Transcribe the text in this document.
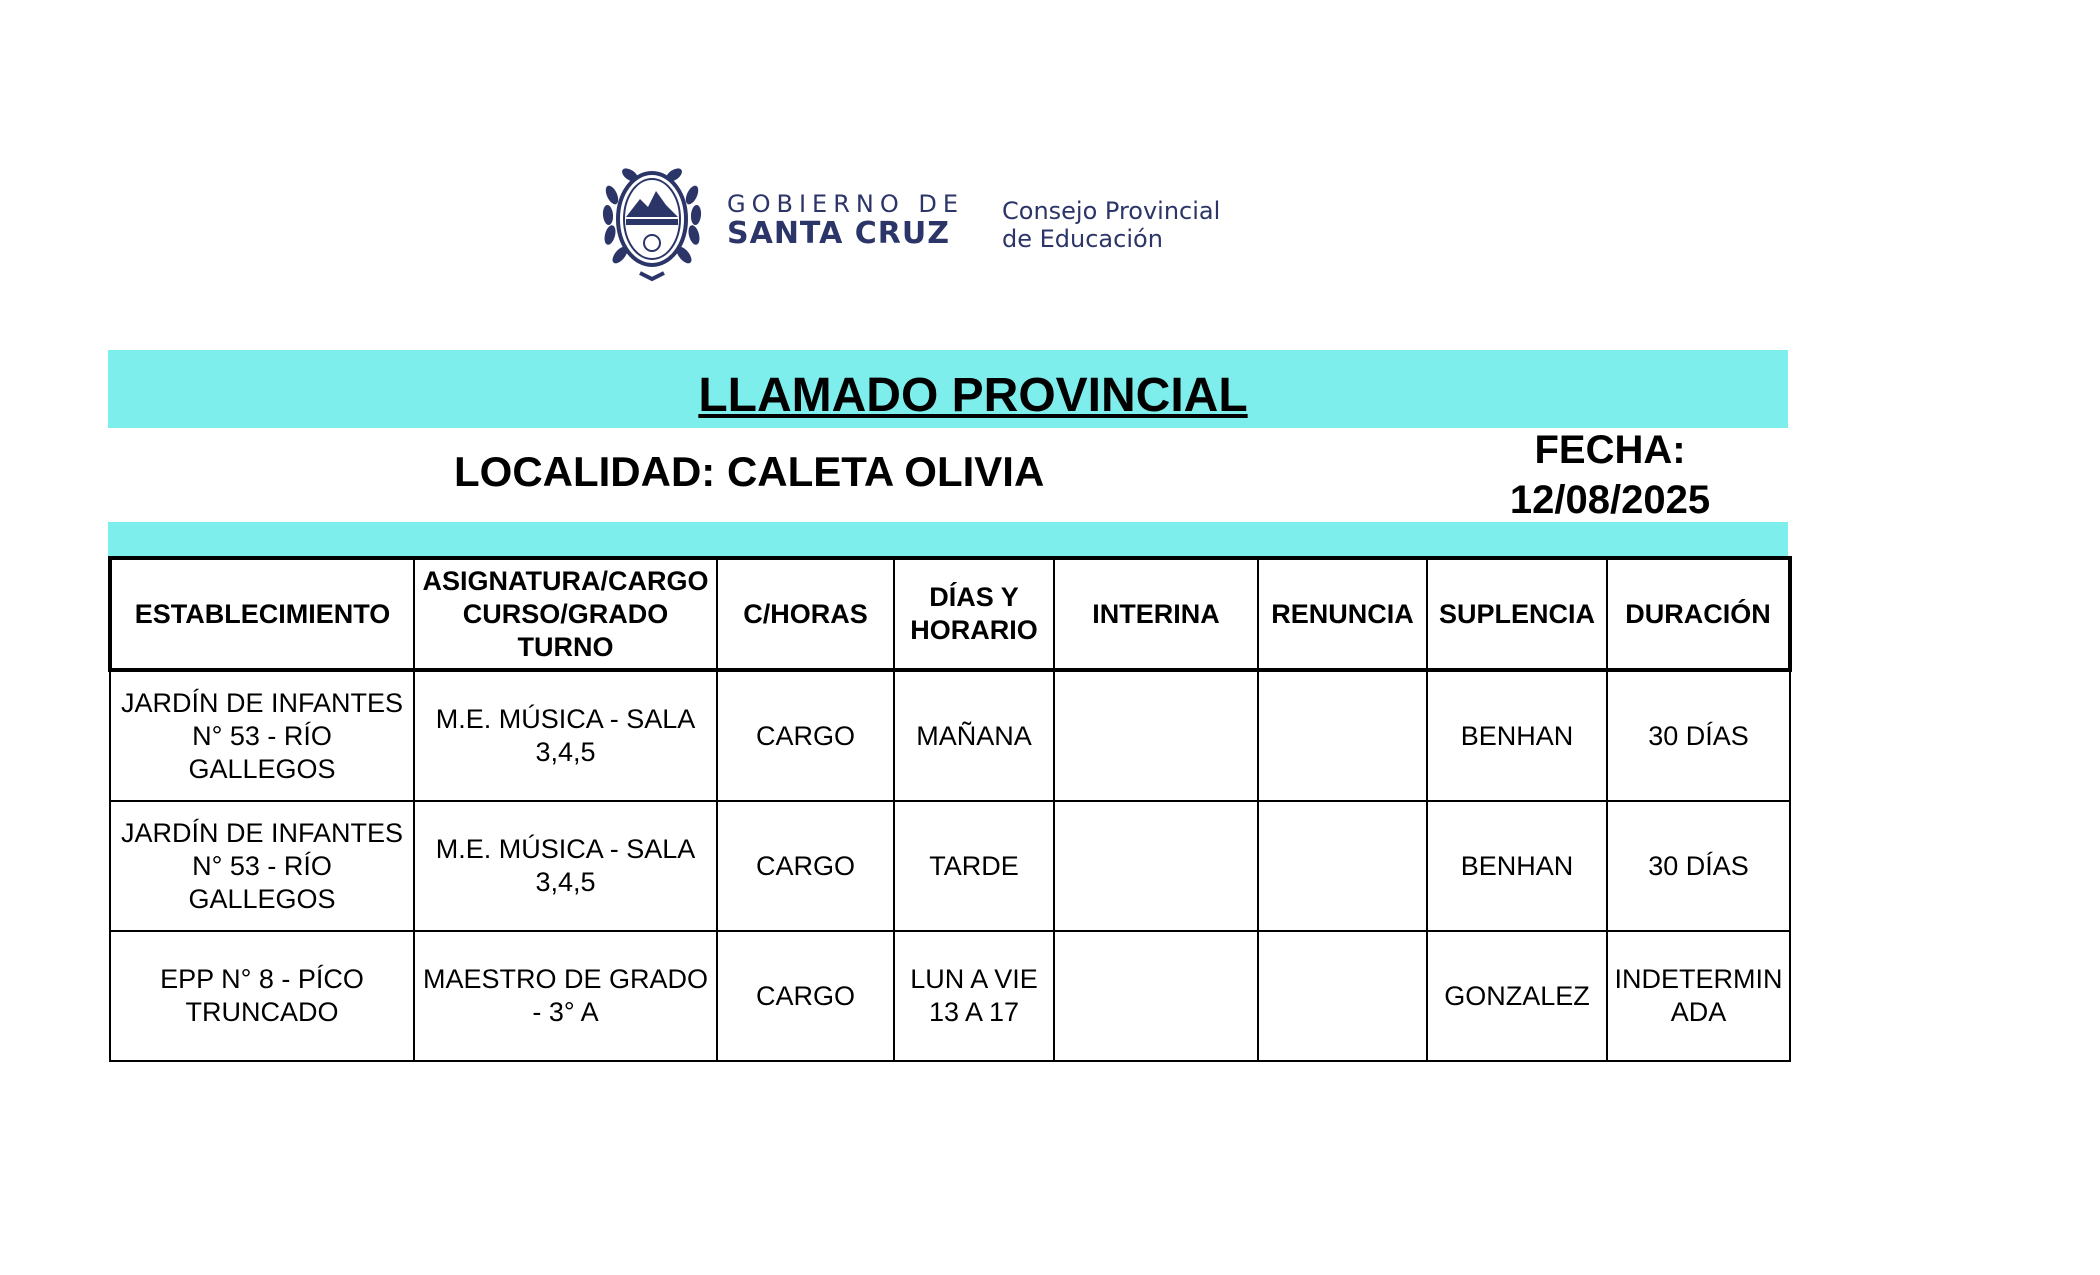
GOBIERNO DE
SANTA CRUZ
Consejo Provincial
de Educación
LLAMADO PROVINCIAL
LOCALIDAD: CALETA OLIVIA	FECHA:
12/08/2025
ESTABLECIMIENTO	ASIGNATURA/CARGO CURSO/GRADO TURNO	C/HORAS	DÍAS Y HORARIO	INTERINA	RENUNCIA	SUPLENCIA	DURACIÓN
JARDÍN DE INFANTES N° 53 - RÍO GALLEGOS	M.E. MÚSICA - SALA 3,4,5	CARGO	MAÑANA			BENHAN	30 DÍAS
JARDÍN DE INFANTES N° 53 - RÍO GALLEGOS	M.E. MÚSICA - SALA 3,4,5	CARGO	TARDE			BENHAN	30 DÍAS
EPP N° 8 - PÍCO TRUNCADO	MAESTRO DE GRADO - 3° A	CARGO	LUN A VIE 13 A 17			GONZALEZ	INDETERMINADA
